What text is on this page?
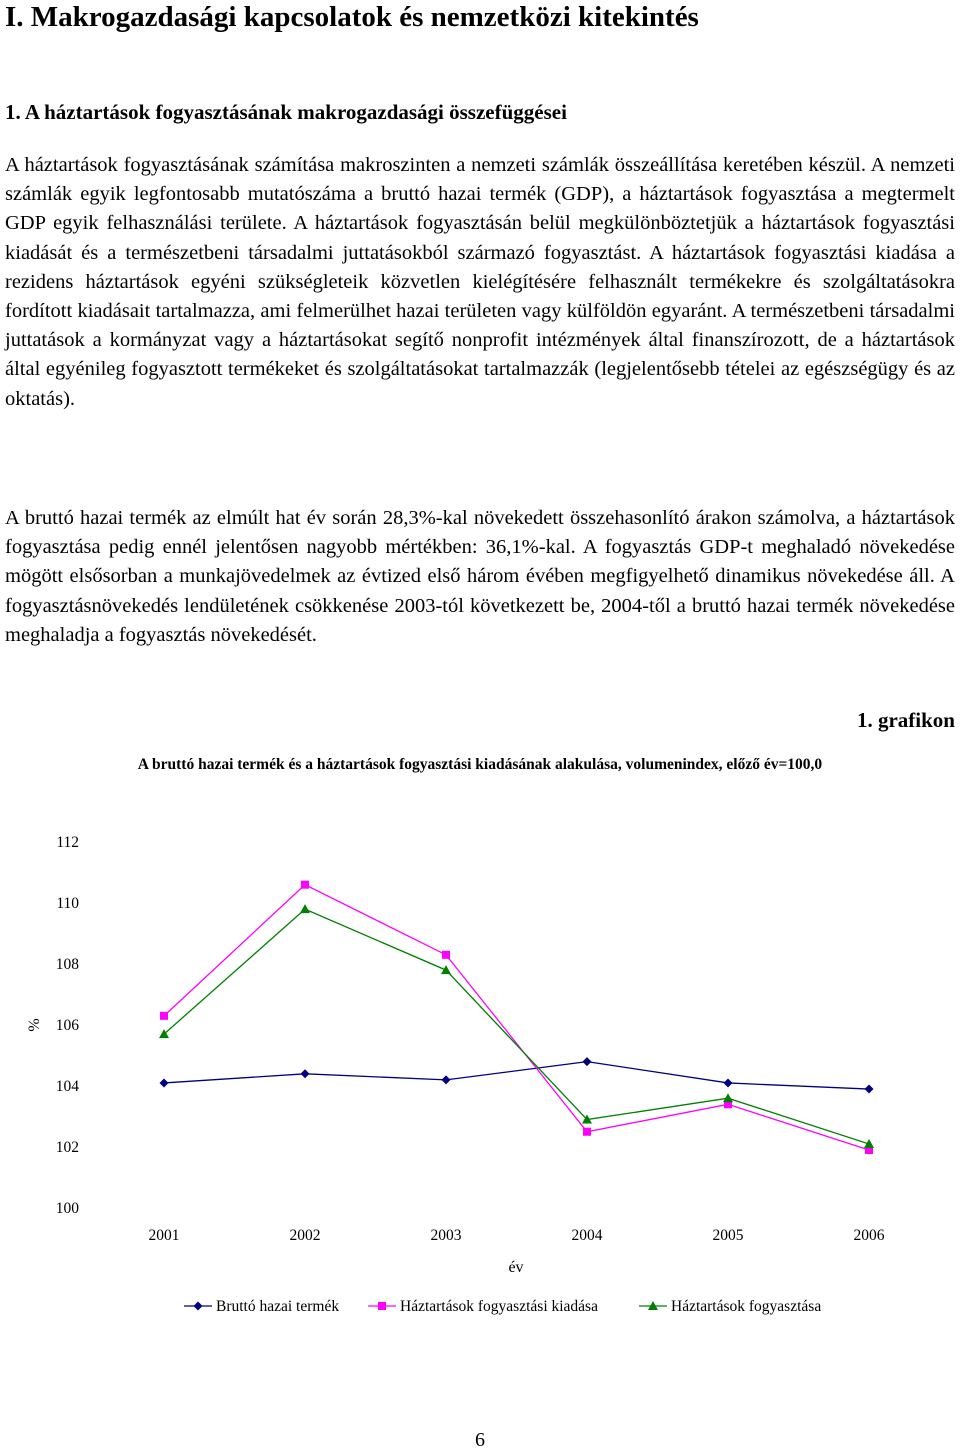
I. Makrogazdasági kapcsolatok és nemzetközi kitekintés
1. A háztartások fogyasztásának makrogazdasági összefüggései

A háztartások fogyasztásának számítása makroszinten a nemzeti számlák összeállítása keretében készül. A nemzeti számlák egyik legfontosabb mutatószáma a bruttó hazai termék (GDP), a háztartások fogyasztása a megtermelt GDP egyik felhasználási területe. A háztartások fogyasztásán belül megkülönböztetjük a háztartások fogyasztási kiadását és a természetbeni társadalmi juttatásokból származó fogyasztást. A háztartások fogyasztási kiadása a rezidens háztartások egyéni szükségleteik közvetlen kielégítésére felhasznált termékekre és szolgáltatásokra fordított kiadásait tartalmazza, ami felmerülhet hazai területen vagy külföldön egyaránt. A természetbeni társadalmi juttatások a kormányzat vagy a háztartásokat segítő nonprofit intézmények által finanszírozott, de a háztartások által egyénileg fogyasztott termékeket és szolgáltatásokat tartalmazzák (legjelentősebb tételei az egészségügy és az oktatás).

A bruttó hazai termék az elmúlt hat év során 28,3%-kal növekedett összehasonlító árakon számolva, a háztartások fogyasztása pedig ennél jelentősen nagyobb mértékben: 36,1%-kal. A fogyasztás GDP-t meghaladó növekedése mögött elsősorban a munkajövedelmek az évtized első három évében megfigyelhető dinamikus növekedése áll. A fogyasztásnövekedés lendületének csökkenése 2003-tól következett be, 2004-től a bruttó hazai termék növekedése meghaladja a fogyasztás növekedését.

1. grafikon
A bruttó hazai termék és a háztartások fogyasztási kiadásának alakulása, volumenindex, előző év=100,0
100
102
104
106
108
110
112
2001	2002	2003	2004	2005	2006
%
év
Bruttó hazai termék	Háztartások fogyasztási kiadása	Háztartások fogyasztása
6
